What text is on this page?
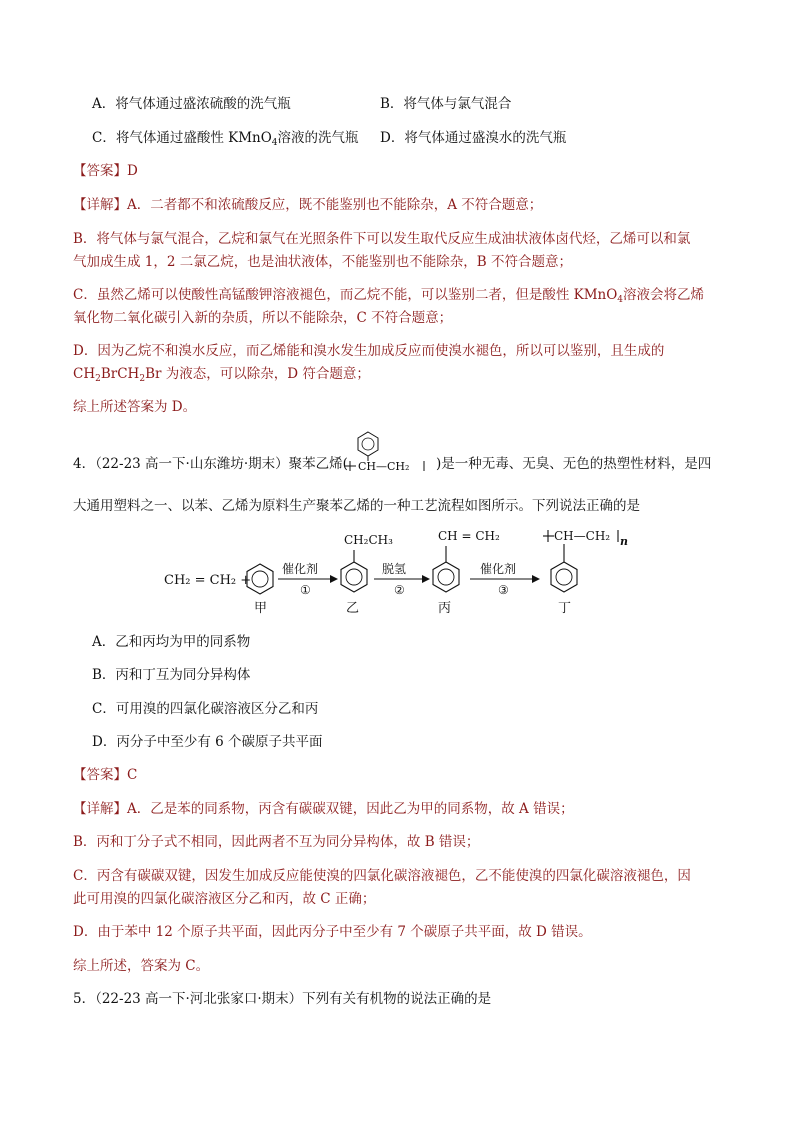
A．将气体通过盛浓硫酸的洗气瓶	B．将气体与氯气混合
C．将气体通过盛酸性 KMnO$_4$溶液的洗气瓶 D．将气体通过盛溴水的洗气瓶
【答案】D
【详解】A．二者都不和浓硫酸反应，既不能鉴别也不能除杂，A 不符合题意；
B．将气体与氯气混合，乙烷和氯气在光照条件下可以发生取代反应生成油状液体卤代烃，乙烯可以和氯
气加成生成 1，2 二氯乙烷，也是油状液体，不能鉴别也不能除杂，B 不符合题意；
C．虽然乙烯可以使酸性高锰酸钾溶液褪色，而乙烷不能，可以鉴别二者，但是酸性 KMnO$_4$溶液会将乙烯
氧化物二氧化碳引入新的杂质，所以不能除杂，C 不符合题意；
D．因为乙烷不和溴水反应，而乙烯能和溴水发生加成反应而使溴水褪色，所以可以鉴别，且生成的
$CH_2BrCH_2Br$ 为液态，可以除杂，D 符合题意；
综上所述答案为 D。
4．（22-23 高一下·山东潍坊·期末）聚苯乙烯( CH—CH₂ )是一种无毒、无臭、无色的热塑性材料，是四
大通用塑料之一、以苯、乙烯为原料生产聚苯乙烯的一种工艺流程如图所示。下列说法正确的是
CH₂ = CH₂ +
甲
催化剂
①
CH₂CH₃
乙
脱氢
②
CH = CH₂
丙
催化剂
③
CH—CH₂ n
丁
A．乙和丙均为甲的同系物
B．丙和丁互为同分异构体
C．可用溴的四氯化碳溶液区分乙和丙
D．丙分子中至少有 6 个碳原子共平面
【答案】C
【详解】A．乙是苯的同系物，丙含有碳碳双键，因此乙为甲的同系物，故 A 错误；
B．丙和丁分子式不相同，因此两者不互为同分异构体，故 B 错误；
C．丙含有碳碳双键，因发生加成反应能使溴的四氯化碳溶液褪色，乙不能使溴的四氯化碳溶液褪色，因
此可用溴的四氯化碳溶液区分乙和丙，故 C 正确；
D．由于苯中 12 个原子共平面，因此丙分子中至少有 7 个碳原子共平面，故 D 错误。
综上所述，答案为 C。
5．（22-23 高一下·河北张家口·期末）下列有关有机物的说法正确的是
